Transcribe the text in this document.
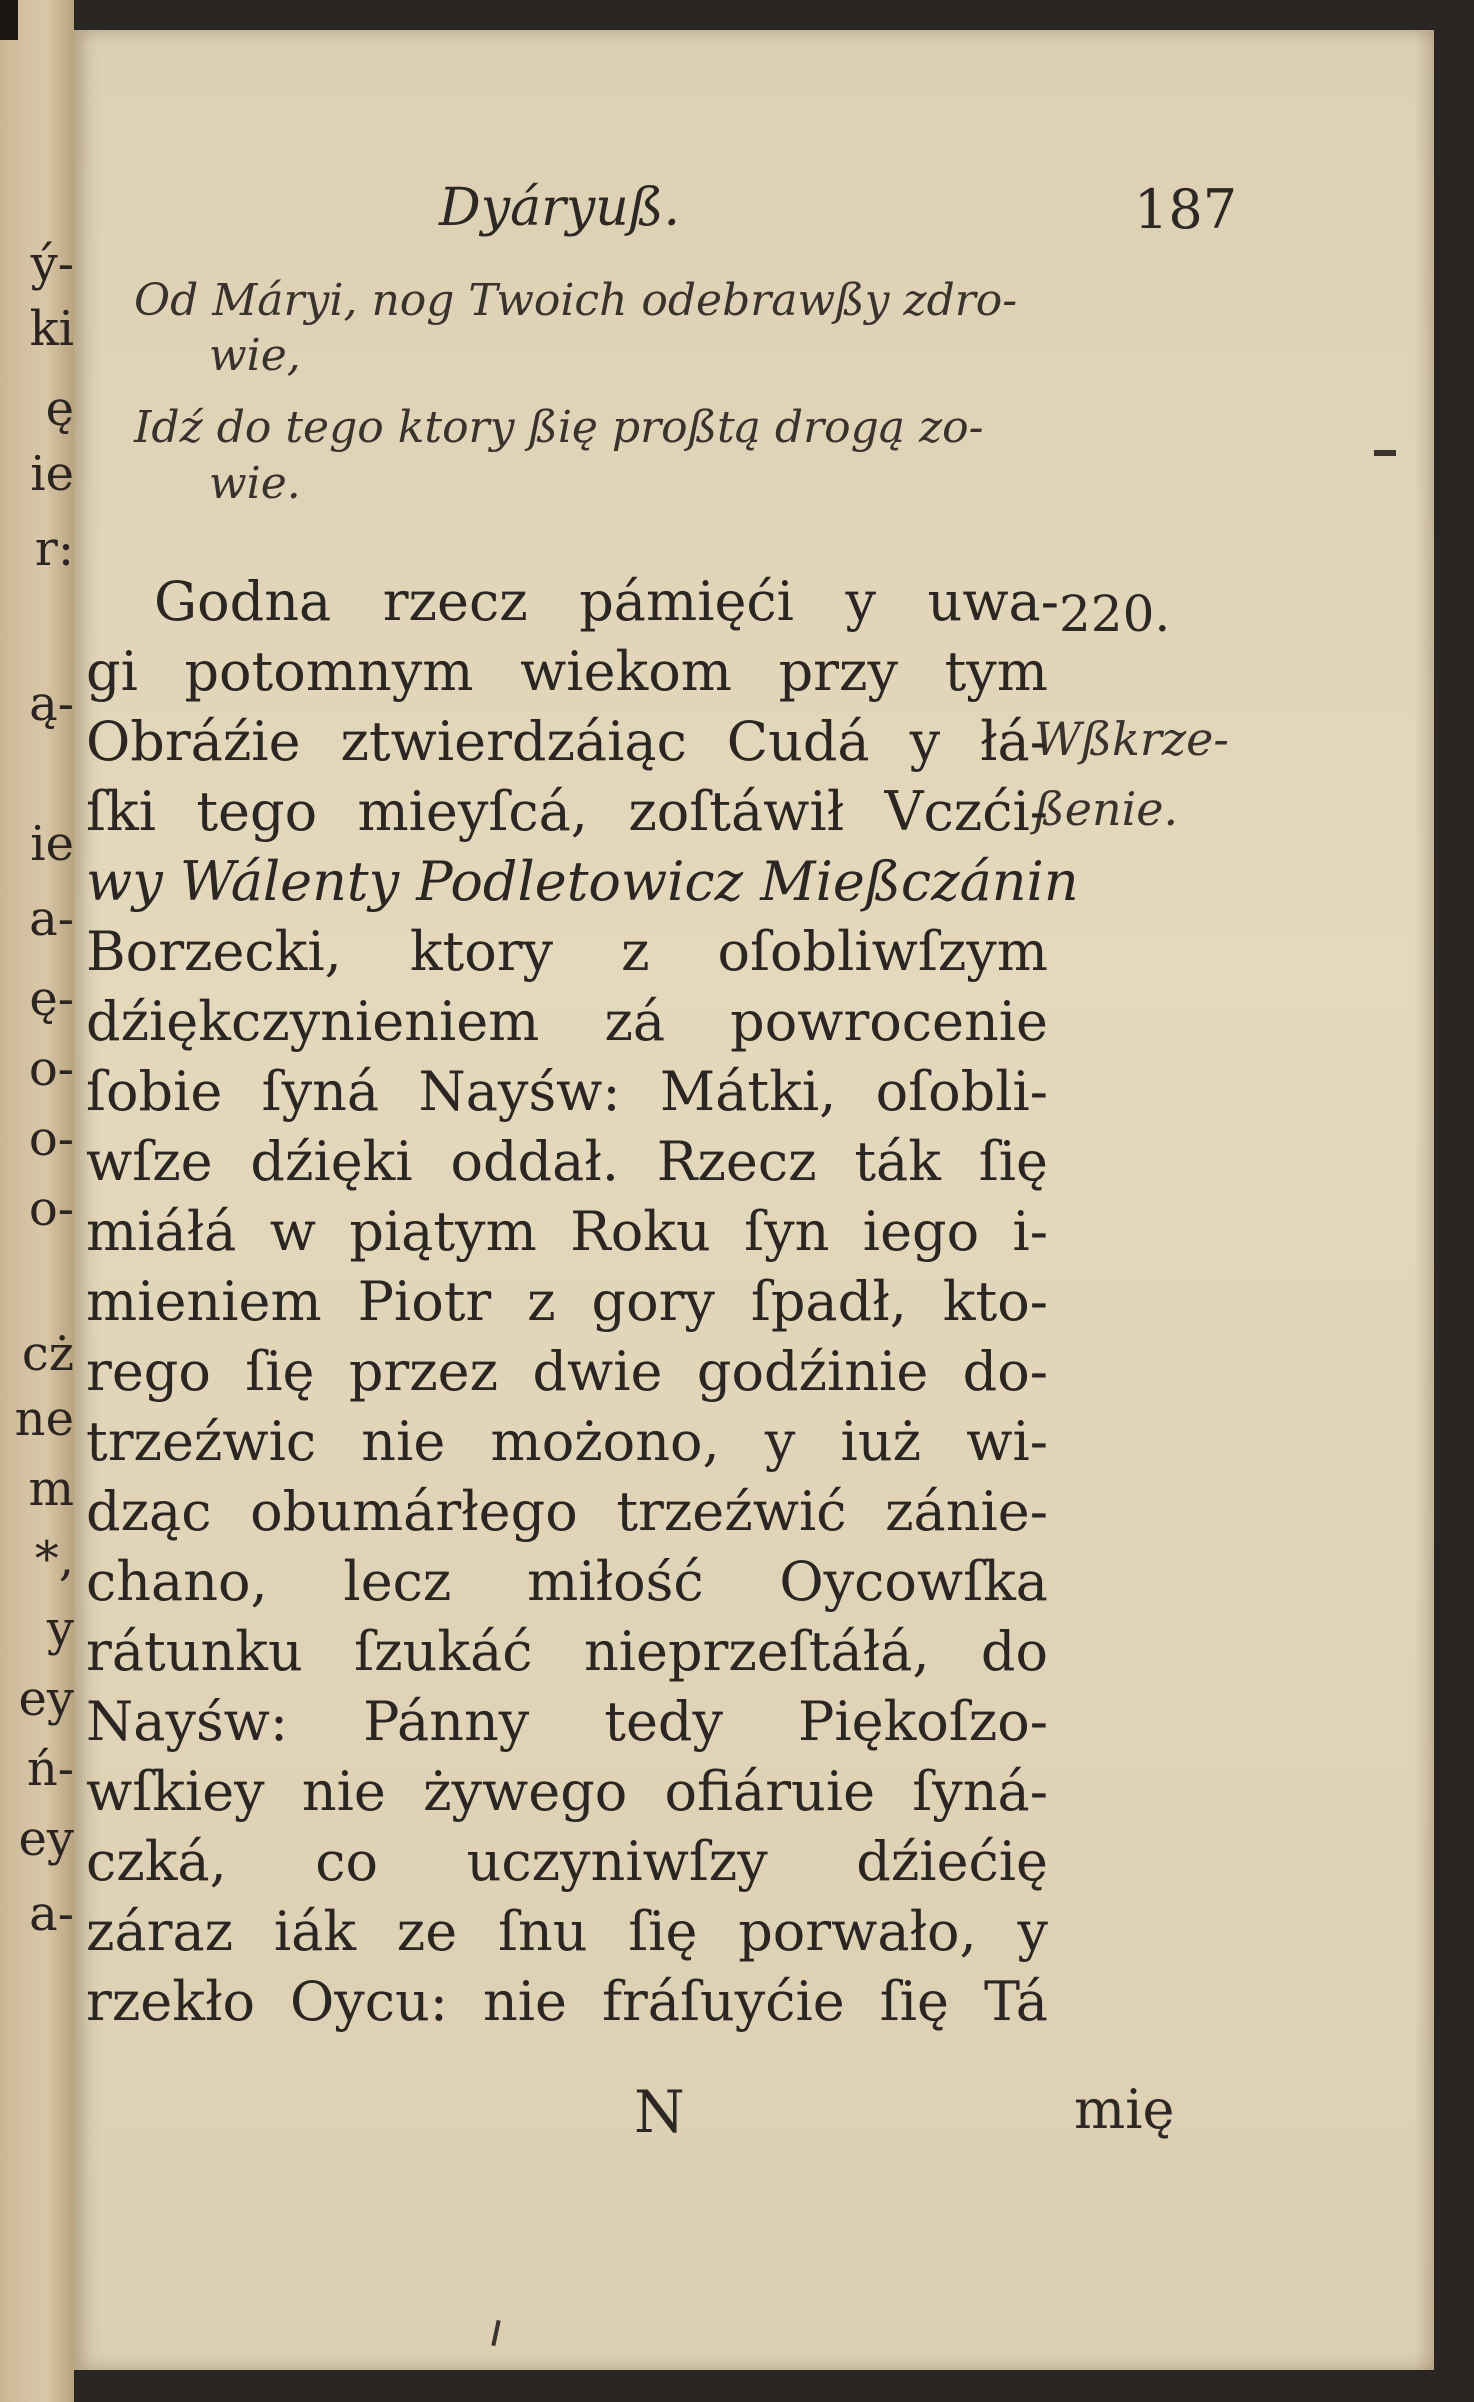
ý-
ki
ę
ie
r:
ą-
ie
a-
ę-
o-
o-
o-
cż
ne
m
*,
y
ey
ń-
ey
a-
Dyáryuß.	187
Od Máryi, nog Twoich odebrawßy zdro-
wie,
Idź do tego ktory ßię proßtą drogą zo-
wie.
220.
Wßkrze-
ßenie.
Godna rzecz pámięći y uwa-
gi potomnym wiekom przy tym
Obráźie ztwierdzáiąc Cudá y łá-
ſki tego mieyſcá, zoſtáwił Vczći-
wy Wálenty Podletowicz Mießczánin
Borzecki, ktory z oſobliwſzym
dźiękczynieniem zá powrocenie
ſobie ſyná Nayśw: Mátki, oſobli-
wſze dźięki oddał. Rzecz ták ſię
miáłá w piątym Roku ſyn iego i-
mieniem Piotr z gory ſpadł, kto-
rego ſię przez dwie godźinie do-
trzeźwic nie możono, y iuż wi-
dząc obumárłego trzeźwić zánie-
chano, lecz miłość Oycowſka
rátunku ſzukáć nieprzeſtáłá, do
Nayśw: Pánny tedy Piękoſzo-
wſkiey nie żywego ofiáruie ſyná-
czká, co uczyniwſzy dźiećię
záraz iák ze ſnu ſię porwało, y
rzekło Oycu: nie fráſuyćie ſię Tá
N	mię
